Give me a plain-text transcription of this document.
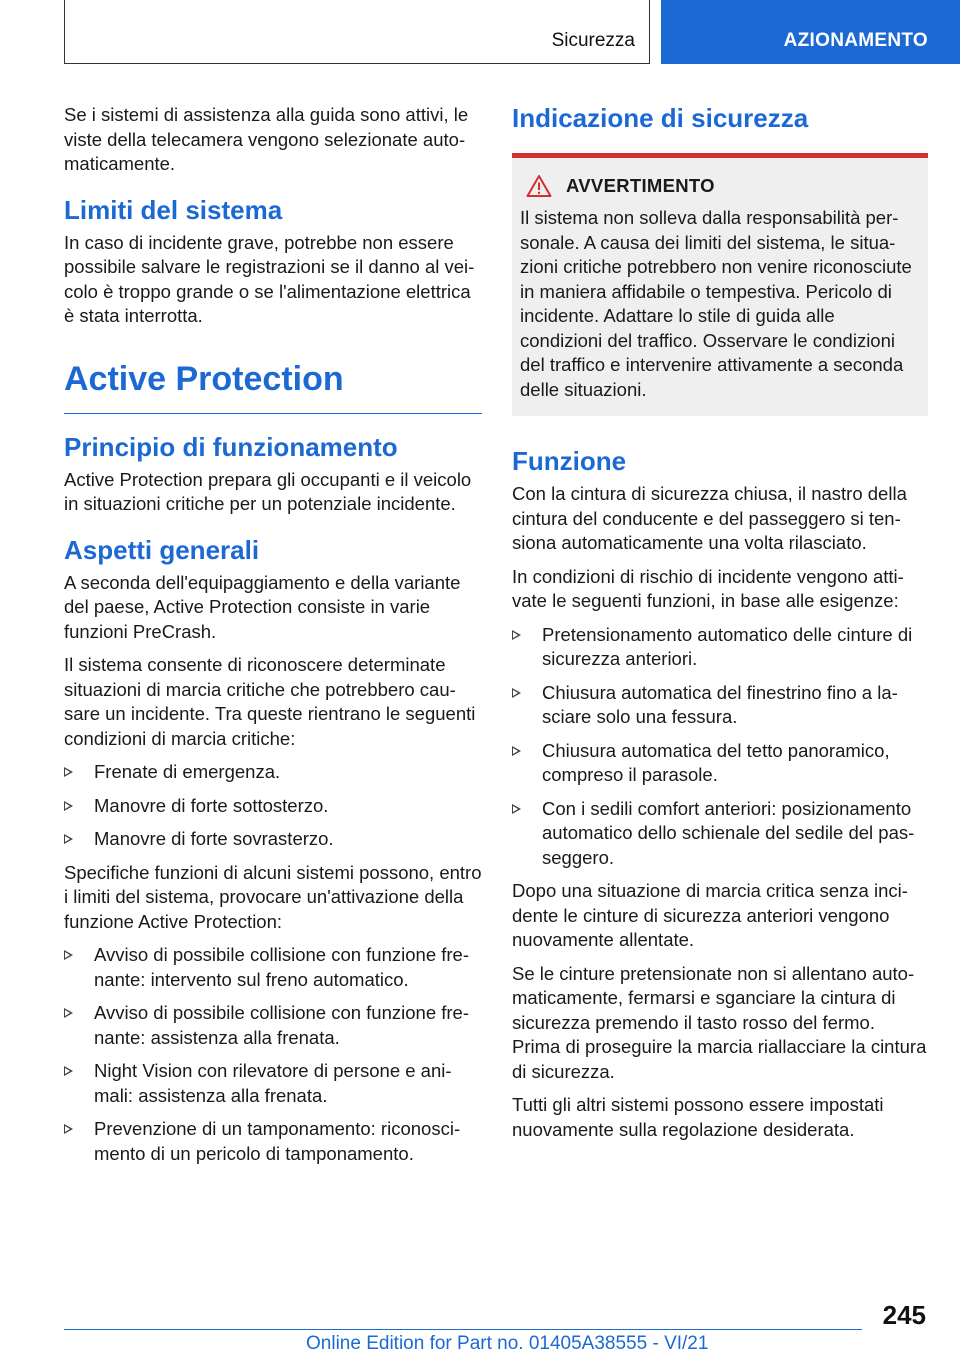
Sicurezza	AZIONAMENTO

Se i sistemi di assistenza alla guida sono attivi, le viste della telecamera vengono selezionate automaticamente.

Limiti del sistema

In caso di incidente grave, potrebbe non essere possibile salvare le registrazioni se il danno al veicolo è troppo grande o se l'alimentazione elettrica è stata interrotta.

Active Protection
Principio di funzionamento

Active Protection prepara gli occupanti e il veicolo in situazioni critiche per un potenziale incidente.

Aspetti generali

A seconda dell'equipaggiamento e della variante del paese, Active Protection consiste in varie funzioni PreCrash.

Il sistema consente di riconoscere determinate situazioni di marcia critiche che potrebbero causare un incidente. Tra queste rientrano le seguenti condizioni di marcia critiche:

Frenate di emergenza.
Manovre di forte sottosterzo.
Manovre di forte sovrasterzo.

Specifiche funzioni di alcuni sistemi possono, entro i limiti del sistema, provocare un'attivazione della funzione Active Protection:

Avviso di possibile collisione con funzione frenante: intervento sul freno automatico.
Avviso di possibile collisione con funzione frenante: assistenza alla frenata.
Night Vision con rilevatore di persone e animali: assistenza alla frenata.
Prevenzione di un tamponamento: riconoscimento di un pericolo di tamponamento.
Indicazione di sicurezza
AVVERTIMENTO

Il sistema non solleva dalla responsabilità personale. A causa dei limiti del sistema, le situazioni critiche potrebbero non venire riconosciute in maniera affidabile o tempestiva. Pericolo di incidente. Adattare lo stile di guida alle condizioni del traffico. Osservare le condizioni del traffico e intervenire attivamente a seconda delle situazioni.

Funzione

Con la cintura di sicurezza chiusa, il nastro della cintura del conducente e del passeggero si tensiona automaticamente una volta rilasciato.

In condizioni di rischio di incidente vengono attivate le seguenti funzioni, in base alle esigenze:

Pretensionamento automatico delle cinture di sicurezza anteriori.
Chiusura automatica del finestrino fino a lasciare solo una fessura.
Chiusura automatica del tetto panoramico, compreso il parasole.
Con i sedili comfort anteriori: posizionamento automatico dello schienale del sedile del passeggero.

Dopo una situazione di marcia critica senza incidente le cinture di sicurezza anteriori vengono nuovamente allentate.

Se le cinture pretensionate non si allentano automaticamente, fermarsi e sganciare la cintura di sicurezza premendo il tasto rosso del fermo. Prima di proseguire la marcia riallacciare la cintura di sicurezza.

Tutti gli altri sistemi possono essere impostati nuovamente sulla regolazione desiderata.

245
Online Edition for Part no. 01405A38555 - VI/21
